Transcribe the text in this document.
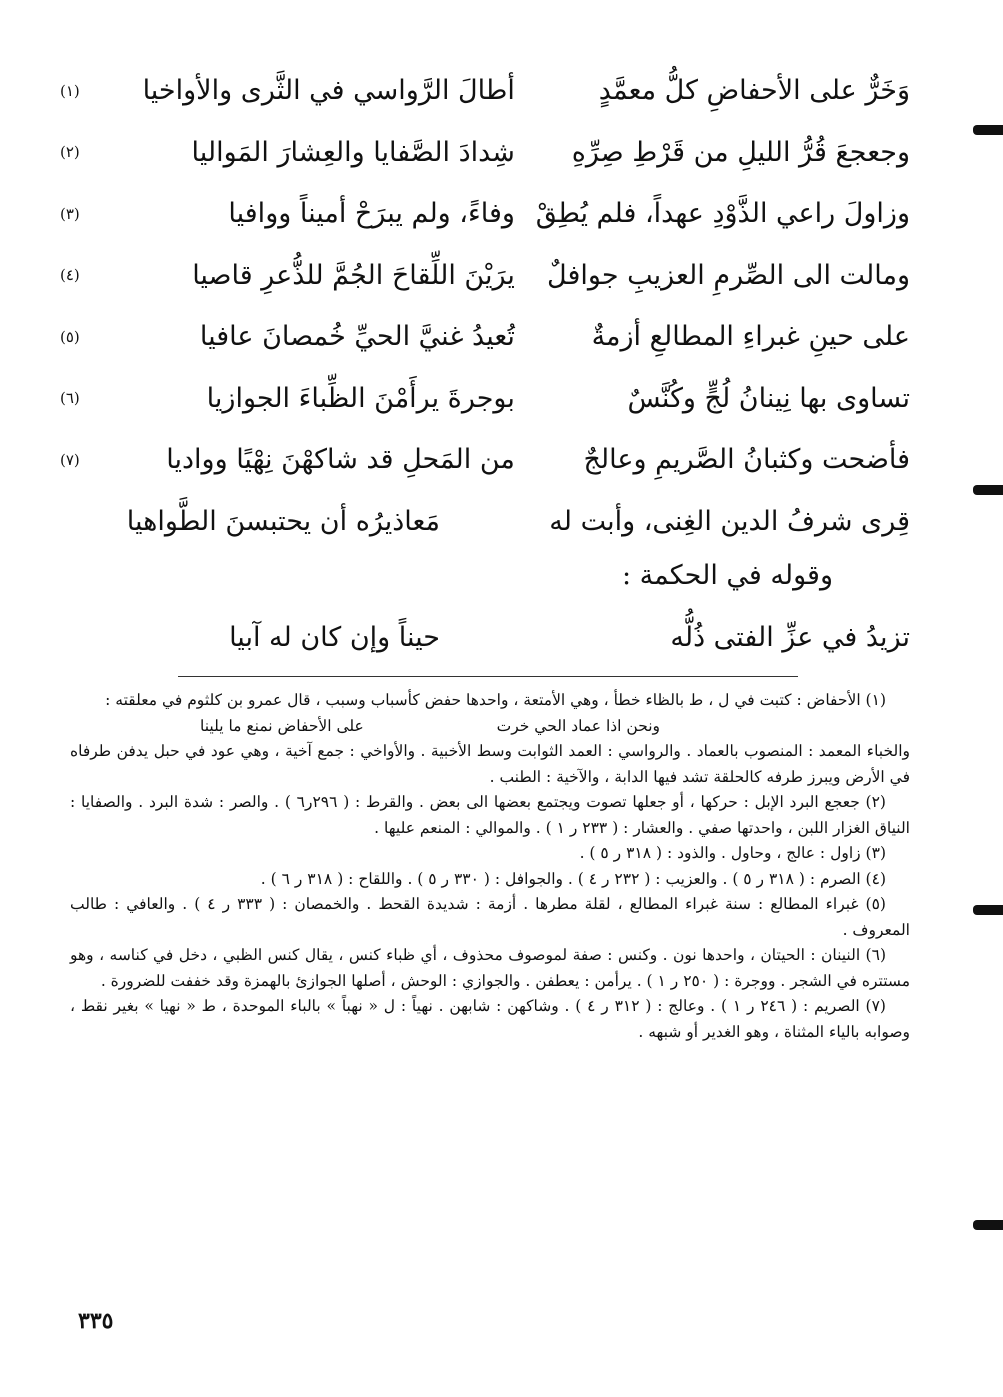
وَخَرٌّ على الأحفاضِ كلُّ معمَّدٍ
أطالَ الرَّواسي في الثَّرى والأواخيا
(١)
وجعجعَ قُرُّ الليلِ من قَرْطِ صِرِّهِ
شِدادَ الصَّفايا والعِشارَ المَواليا
(٢)
وزاولَ راعي الذَّوْدِ عهداً، فلم يُطِقْ
وفاءً، ولم يبرَحْ أميناً ووافيا
(٣)
ومالت الى الصِّرمِ العزيبِ جوافلٌ
يرَيْنَ اللِّقاحَ الجُمَّ للذُّعرِ قاصيا
(٤)
على حينِ غبراءِ المطالعِ أزمةٌ
تُعيدُ غنيَّ الحيِّ خُمصانَ عافيا
(٥)
تساوى بها نِينانُ لُجٍّ وكُنَّسٌ
بوجرةَ يرأَمْنَ الظِّباءَ الجوازيا
(٦)
فأضحت وكثبانُ الصَّريمِ وعالجٌ
من المَحلِ قد شاكهْنَ نِهْيًا وواديا
(٧)
قِرى شرفُ الدين الغِنى، وأبت له
مَعاذيرُه أن يحتبسنَ الطَّواهيا
وقوله في الحكمة :
تزيدُ في عزِّ الفتى ذُلُّه
حيناً وإن كان له آبيا

(١) الأحفاض : كتبت في ل ، ط بالظاء خطأ ، وهي الأمتعة ، واحدها حفض كأسباب وسبب ، قال عمرو بن كلثوم في معلقته :

ونحن اذا عماد الحي خرت
على الأحفاض نمنع ما يلينا

والخباء المعمد : المنصوب بالعماد . والرواسي : العمد الثوابت وسط الأخبية . والأواخي : جمع آخية ، وهي عود في حبل يدفن طرفاه في الأرض ويبرز طرفه كالحلقة تشد فيها الدابة ، والآخية : الطنب .

(٢) جعجع البرد الإبل : حركها ، أو جعلها تصوت ويجتمع بعضها الى بعض . والقرط : ( ٢٩٦ر٦ ) . والصر : شدة البرد . والصفايا : النياق الغزار اللبن ، واحدتها صفي . والعشار : ( ٢٣٣ ر ١ ) . والموالي : المنعم عليها .

(٣) زاول : عالج ، وحاول . والذود : ( ٣١٨ ر ٥ ) .

(٤) الصرم : ( ٣١٨ ر ٥ ) . والعزيب : ( ٢٣٢ ر ٤ ) . والجوافل : ( ٣٣٠ ر ٥ ) . واللقاح : ( ٣١٨ ر ٦ ) .

(٥) غبراء المطالع : سنة غبراء المطالع ، لقلة مطرها . أزمة : شديدة القحط . والخمصان : ( ٣٣٣ ر ٤ ) . والعافي : طالب المعروف .

(٦) النينان : الحيتان ، واحدها نون . وكنس : صفة لموصوف محذوف ، أي ظباء كنس ، يقال كنس الظبي ، دخل في كناسه ، وهو مستتره في الشجر . ووجرة : ( ٢٥٠ ر ١ ) . يرأمن : يعطفن . والجوازي : الوحش ، أصلها الجوازئ بالهمزة وقد خففت للضرورة .

(٧) الصريم : ( ٢٤٦ ر ١ ) . وعالج : ( ٣١٢ ر ٤ ) . وشاكهن : شابهن . نهياً : ل « نهباً » بالباء الموحدة ، ط « نهيا » بغير نقط ، وصوابه بالياء المثناة ، وهو الغدير أو شبهه .

٣٣٥
